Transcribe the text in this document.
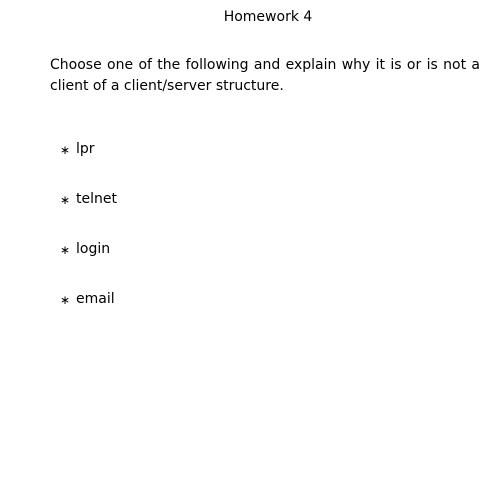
Homework 4
Choose one of the following and explain why it is or is not a client of a client/server structure.
∗ lpr
∗ telnet
∗ login
∗ email
